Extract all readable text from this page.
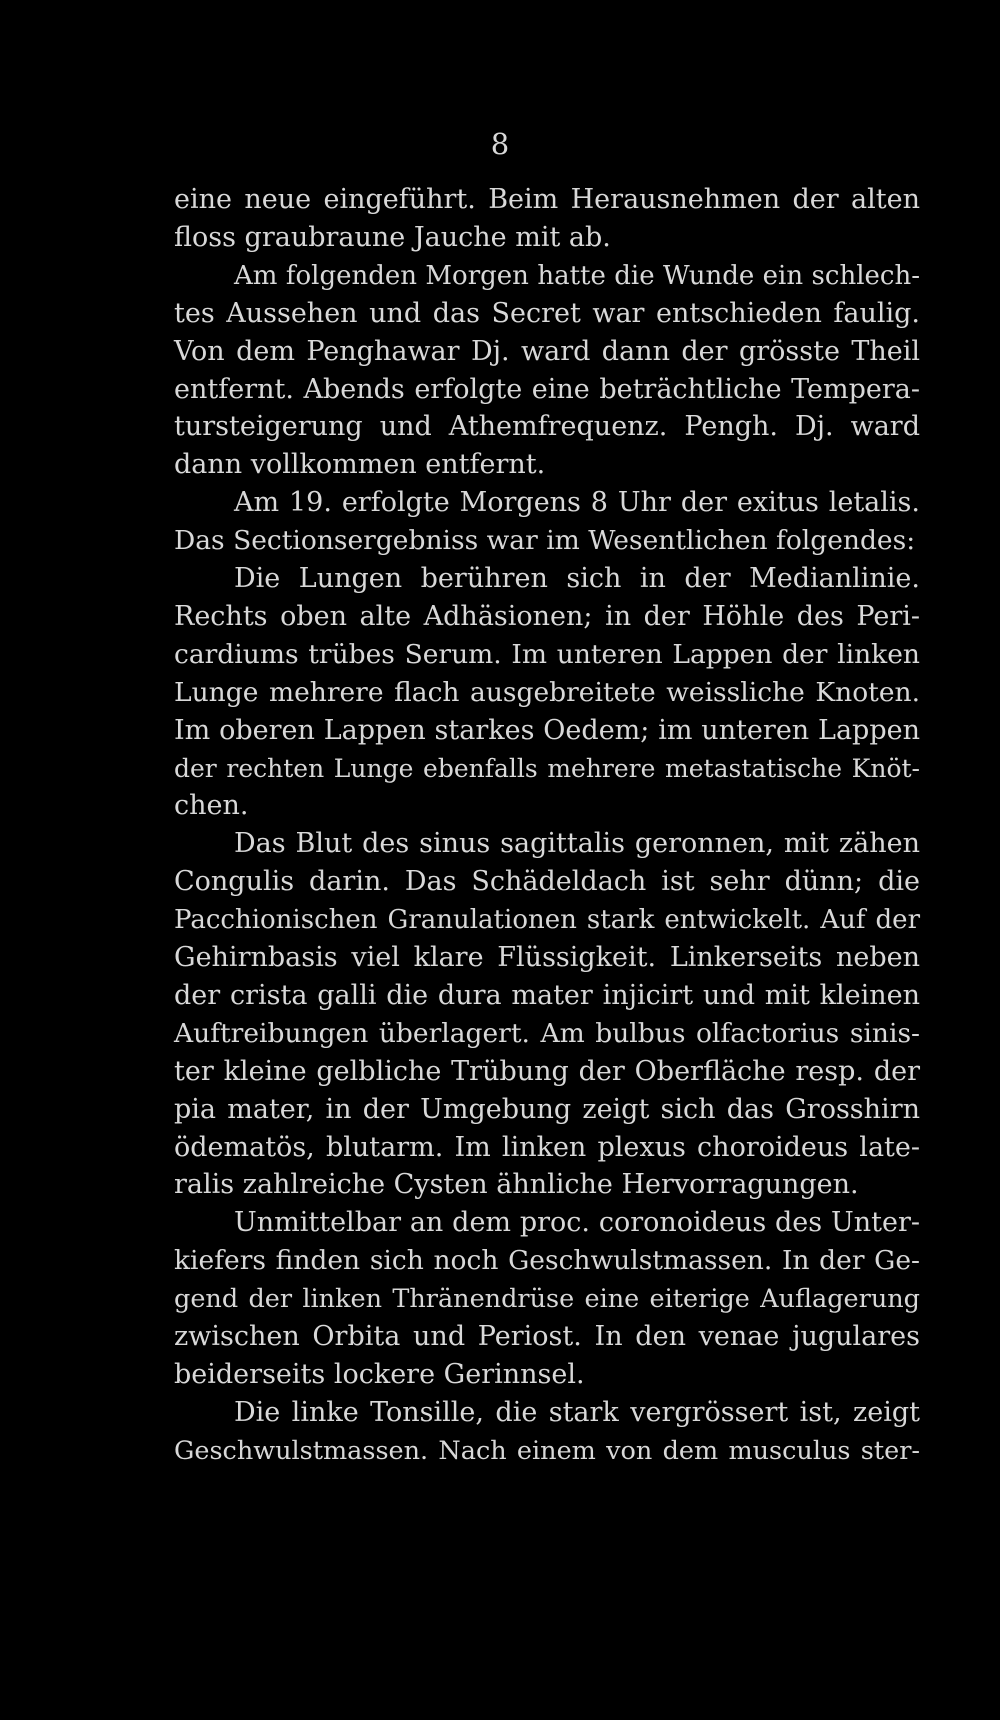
8
eine neue eingeführt. Beim Herausnehmen der alten
floss graubraune Jauche mit ab.
Am folgenden Morgen hatte die Wunde ein schlech-
tes Aussehen und das Secret war entschieden faulig.
Von dem Penghawar Dj. ward dann der grösste Theil
entfernt. Abends erfolgte eine beträchtliche Tempera-
tursteigerung und Athemfrequenz. Pengh. Dj. ward
dann vollkommen entfernt.
Am 19. erfolgte Morgens 8 Uhr der exitus letalis.
Das Sectionsergebniss war im Wesentlichen folgendes:
Die Lungen berühren sich in der Medianlinie.
Rechts oben alte Adhäsionen; in der Höhle des Peri-
cardiums trübes Serum. Im unteren Lappen der linken
Lunge mehrere flach ausgebreitete weissliche Knoten.
Im oberen Lappen starkes Oedem; im unteren Lappen
der rechten Lunge ebenfalls mehrere metastatische Knöt-
chen.
Das Blut des sinus sagittalis geronnen, mit zähen
Congulis darin. Das Schädeldach ist sehr dünn; die
Pacchionischen Granulationen stark entwickelt. Auf der
Gehirnbasis viel klare Flüssigkeit. Linkerseits neben
der crista galli die dura mater injicirt und mit kleinen
Auftreibungen überlagert. Am bulbus olfactorius sinis-
ter kleine gelbliche Trübung der Oberfläche resp. der
pia mater, in der Umgebung zeigt sich das Grosshirn
ödematös, blutarm. Im linken plexus choroideus late-
ralis zahlreiche Cysten ähnliche Hervorragungen.
Unmittelbar an dem proc. coronoideus des Unter-
kiefers finden sich noch Geschwulstmassen. In der Ge-
gend der linken Thränendrüse eine eiterige Auflagerung
zwischen Orbita und Periost. In den venae jugulares
beiderseits lockere Gerinnsel.
Die linke Tonsille, die stark vergrössert ist, zeigt
Geschwulstmassen. Nach einem von dem musculus ster-
